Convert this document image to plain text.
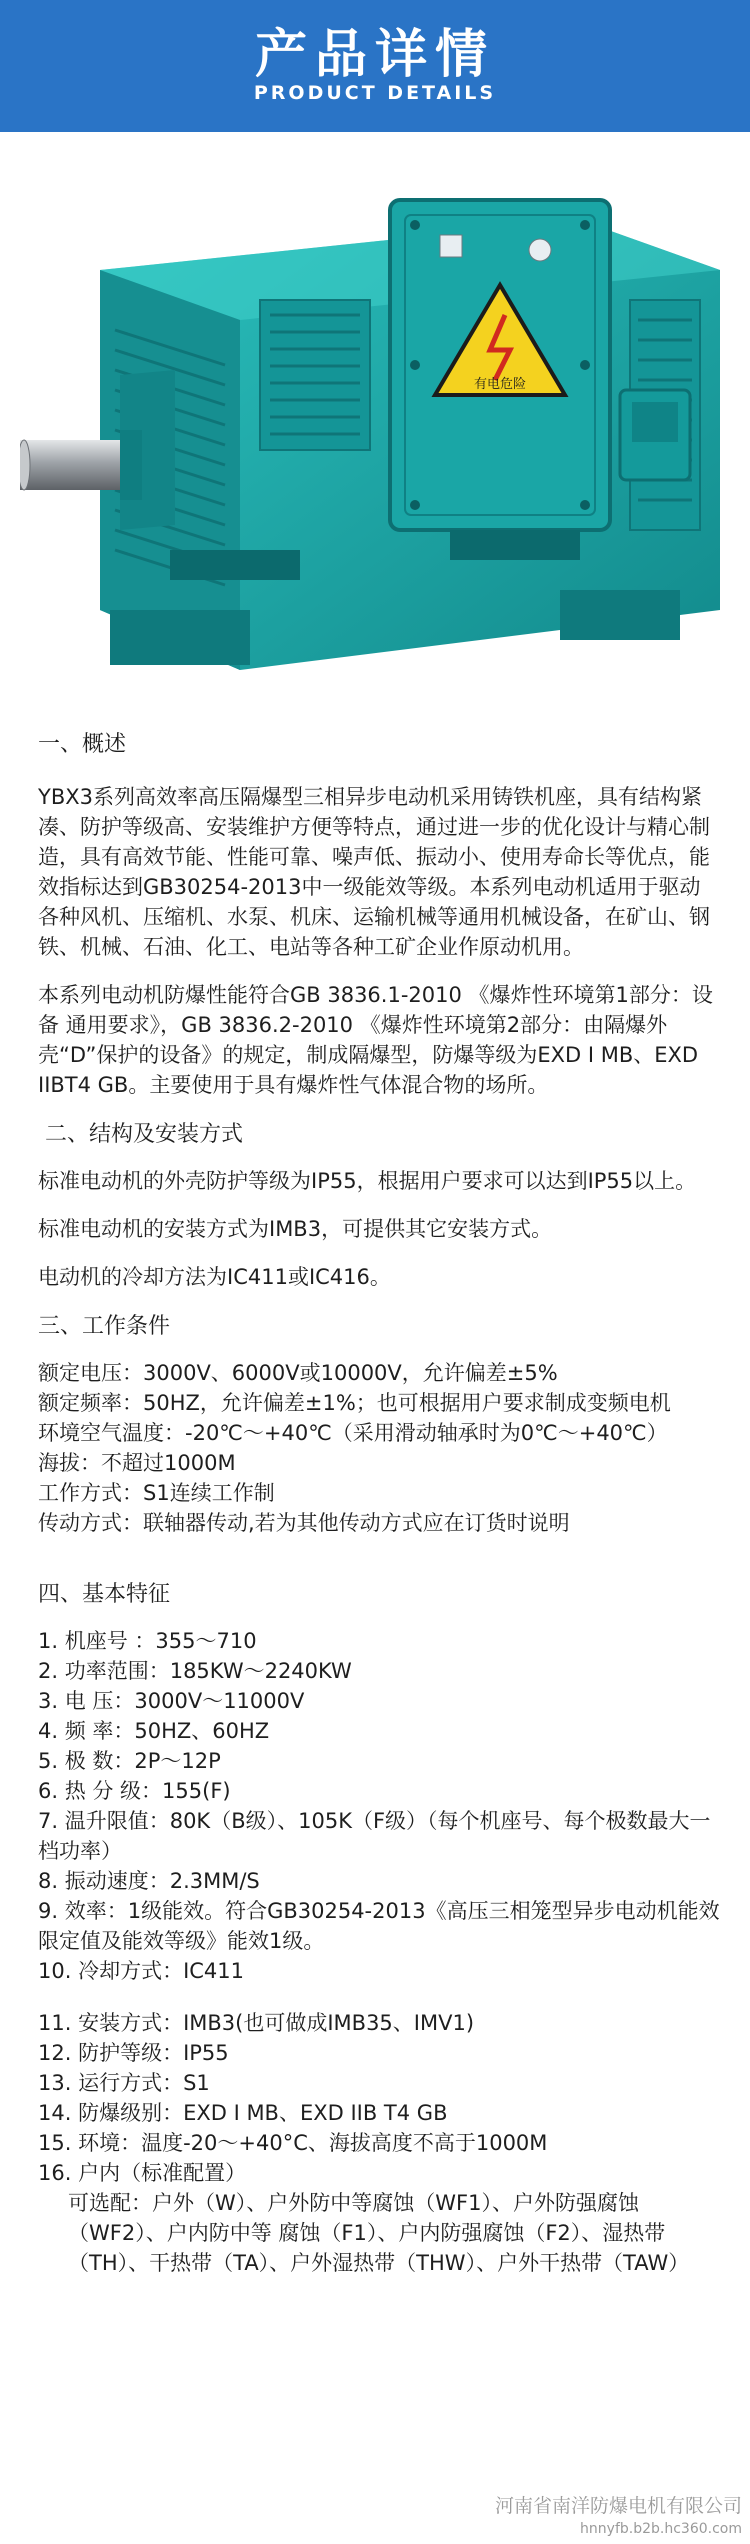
产品详情
PRODUCT DETAILS
有电危险
一、概述
YBX3系列高效率高压隔爆型三相异步电动机采用铸铁机座，具有结构紧凑、防护等级高、安装维护方便等特点，通过进一步的优化设计与精心制造，具有高效节能、性能可靠、噪声低、振动小、使用寿命长等优点，能效指标达到GB30254-2013中一级能效等级。本系列电动机适用于驱动各种风机、压缩机、水泵、机床、运输机械等通用机械设备，在矿山、钢铁、机械、石油、化工、电站等各种工矿企业作原动机用。
本系列电动机防爆性能符合GB 3836.1-2010 《爆炸性环境第1部分：设备 通用要求》，GB 3836.2-2010 《爆炸性环境第2部分：由隔爆外壳“D”保护的设备》的规定，制成隔爆型，防爆等级为EXD I MB、EXD IIBT4 GB。主要使用于具有爆炸性气体混合物的场所。
二、结构及安装方式
标准电动机的外壳防护等级为IP55，根据用户要求可以达到IP55以上。
标准电动机的安装方式为IMB3，可提供其它安装方式。
电动机的冷却方法为IC411或IC416。
三、工作条件
额定电压：3000V、6000V或10000V，允许偏差±5%
额定频率：50HZ，允许偏差±1%；也可根据用户要求制成变频电机
环境空气温度：-20℃～+40℃（采用滑动轴承时为0℃～+40℃）
海拔：不超过1000M
工作方式：S1连续工作制
传动方式：联轴器传动,若为其他传动方式应在订货时说明
四、基本特征
1. 机座号 ：355～710
2. 功率范围：185KW～2240KW
3. 电 压：3000V～11000V
4. 频 率：50HZ、60HZ
5. 极 数：2P～12P
6. 热 分 级：155(F)
7. 温升限值：80K（B级）、105K（F级）（每个机座号、每个极数最大一档功率）
8. 振动速度：2.3MM/S
9. 效率：1级能效。符合GB30254-2013《高压三相笼型异步电动机能效限定值及能效等级》能效1级。
10. 冷却方式：IC411
11. 安装方式：IMB3(也可做成IMB35、IMV1)
12. 防护等级：IP55
13. 运行方式：S1
14. 防爆级别：EXD I MB、EXD IIB T4 GB
15. 环境：温度-20～+40°C、海拔高度不高于1000M
16. 户内（标准配置）
可选配：户外（W）、户外防中等腐蚀（WF1）、户外防强腐蚀（WF2）、户内防中等 腐蚀（F1）、户内防强腐蚀（F2）、湿热带（TH）、干热带（TA）、户外湿热带（THW）、户外干热带（TAW）
河南省南洋防爆电机有限公司
hnnyfb.b2b.hc360.com
